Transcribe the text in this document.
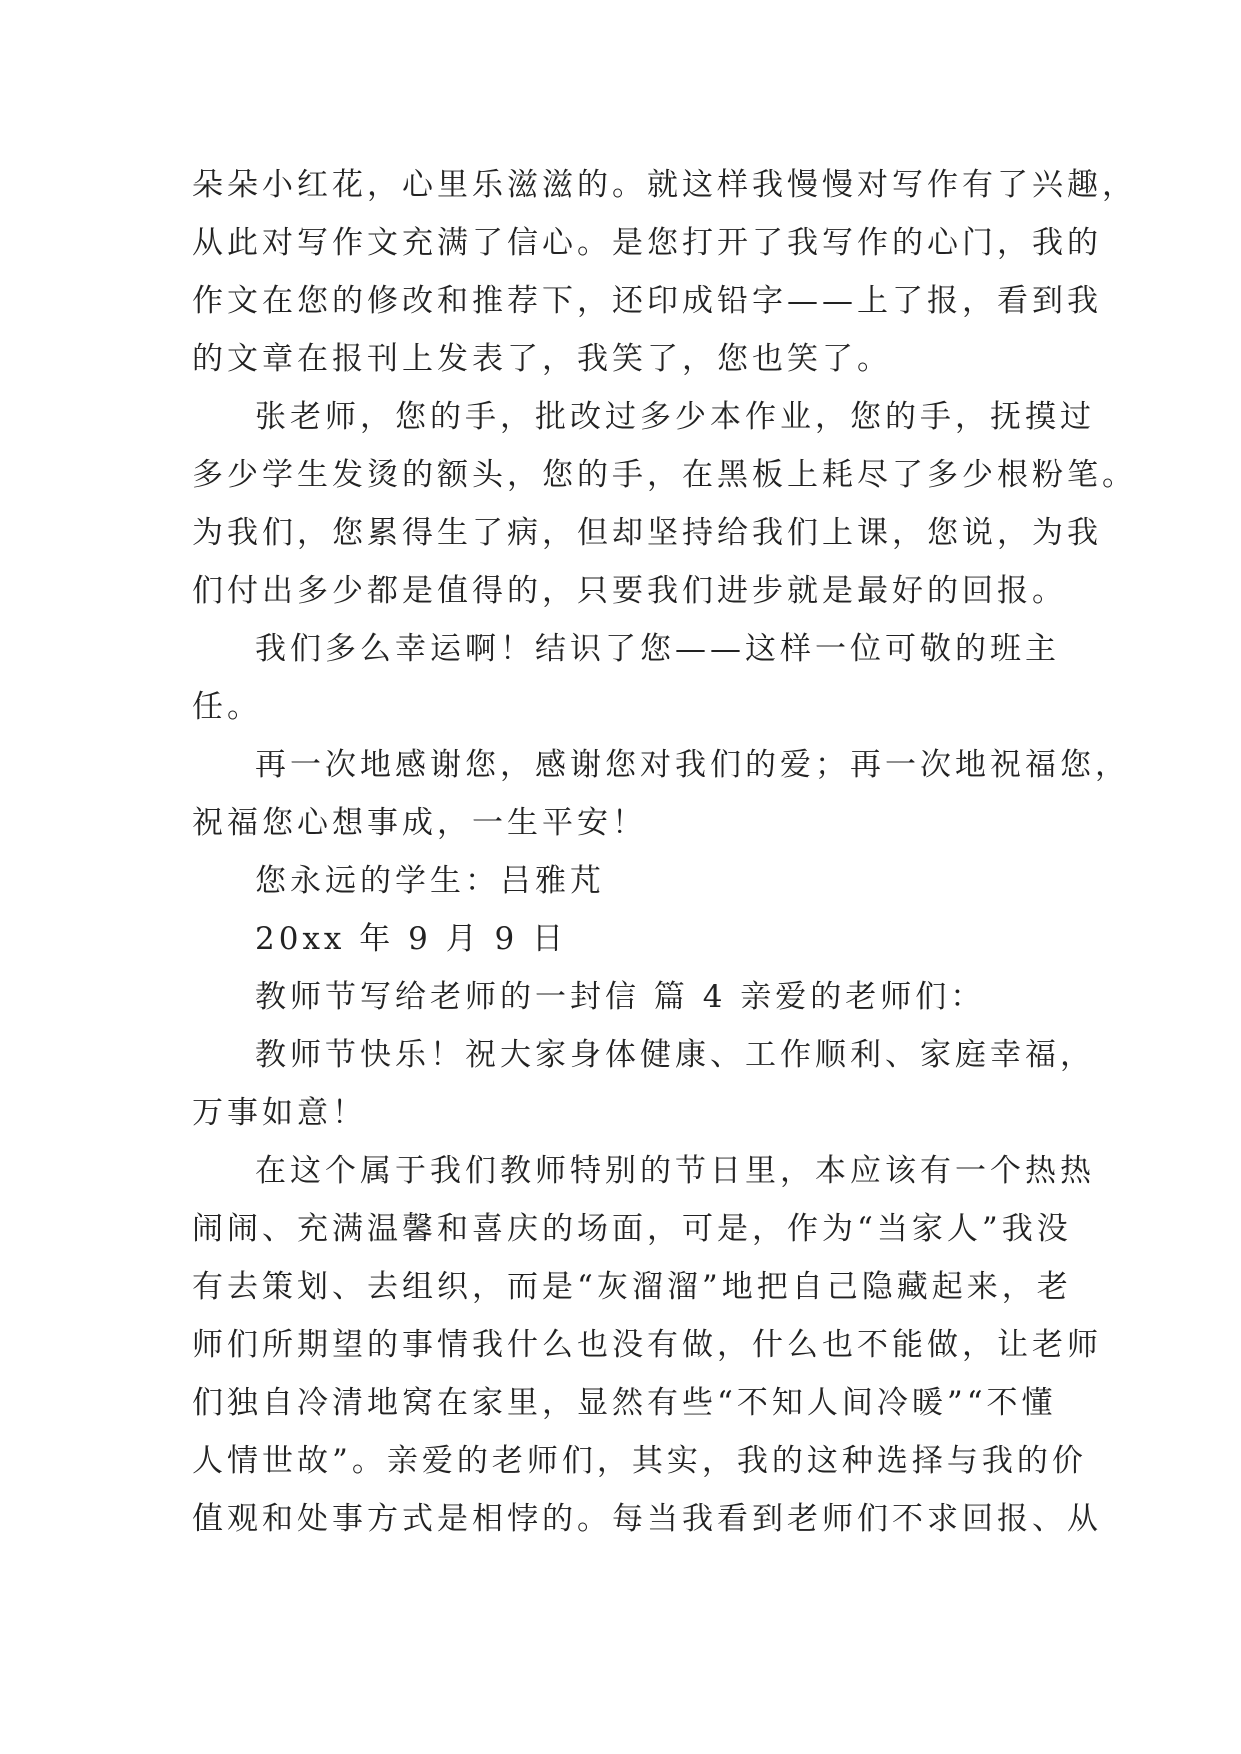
朵朵小红花，心里乐滋滋的。就这样我慢慢对写作有了兴趣，
从此对写作文充满了信心。是您打开了我写作的心门，我的
作文在您的修改和推荐下，还印成铅字——上了报，看到我
的文章在报刊上发表了，我笑了，您也笑了。
张老师，您的手，批改过多少本作业，您的手，抚摸过
多少学生发烫的额头，您的手，在黑板上耗尽了多少根粉笔。
为我们，您累得生了病，但却坚持给我们上课，您说，为我
们付出多少都是值得的，只要我们进步就是最好的回报。
我们多么幸运啊！结识了您——这样一位可敬的班主
任。
再一次地感谢您，感谢您对我们的爱；再一次地祝福您，
祝福您心想事成，一生平安！
您永远的学生：吕雅芃
20xx 年 9 月 9 日
教师节写给老师的一封信 篇 4 亲爱的老师们：
教师节快乐！祝大家身体健康、工作顺利、家庭幸福，
万事如意！
在这个属于我们教师特别的节日里，本应该有一个热热
闹闹、充满温馨和喜庆的场面，可是，作为“当家人”我没
有去策划、去组织，而是“灰溜溜”地把自己隐藏起来，老
师们所期望的事情我什么也没有做，什么也不能做，让老师
们独自冷清地窝在家里，显然有些“不知人间冷暖”“不懂
人情世故”。亲爱的老师们，其实，我的这种选择与我的价
值观和处事方式是相悖的。每当我看到老师们不求回报、从
